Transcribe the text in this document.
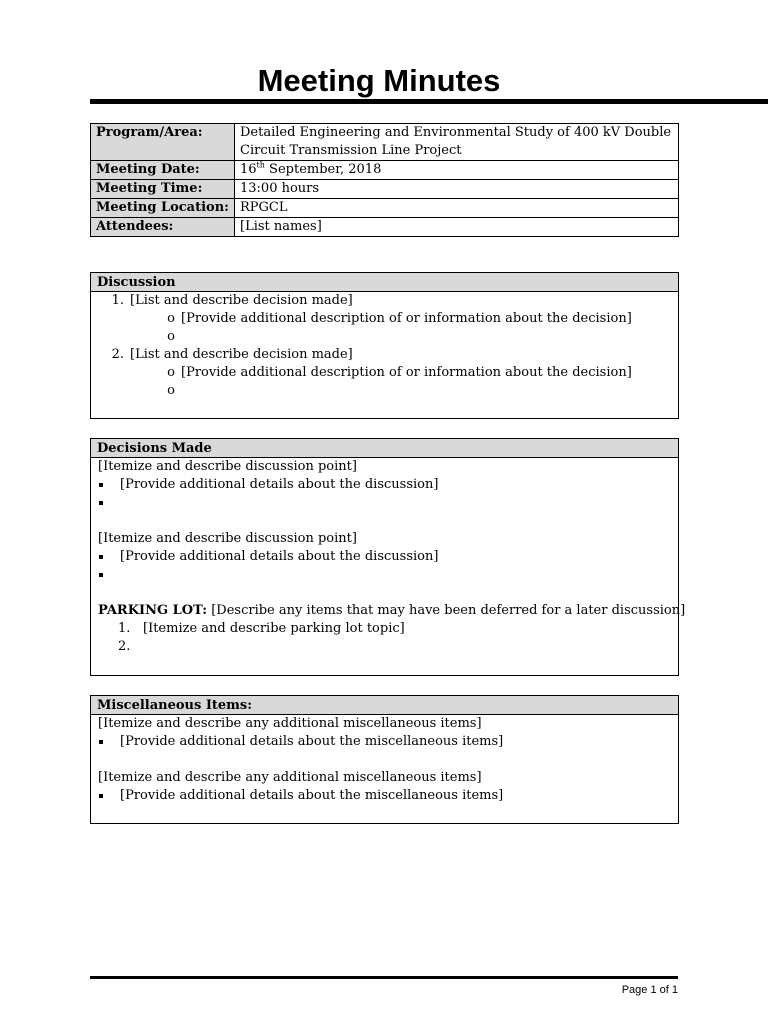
Meeting Minutes
Program/Area:	Detailed Engineering and Environmental Study of 400 kV Double
Circuit Transmission Line Project

Meeting Date:	16th September, 2018
Meeting Time:	13:00 hours
Meeting Location:	RPGCL
Attendees:	[List names]
Discussion
1. [List and describe decision made]
o [Provide additional description of or information about the decision]
o
2. [List and describe decision made]
o [Provide additional description of or information about the decision]
o
Decisions Made
[Itemize and describe discussion point]
[Provide additional details about the discussion]
[Itemize and describe discussion point]
[Provide additional details about the discussion]
PARKING LOT: [Describe any items that may have been deferred for a later discussion]
1. [Itemize and describe parking lot topic]
2.
Miscellaneous Items:
[Itemize and describe any additional miscellaneous items]
[Provide additional details about the miscellaneous items]
[Itemize and describe any additional miscellaneous items]
[Provide additional details about the miscellaneous items]
Page 1 of 1
